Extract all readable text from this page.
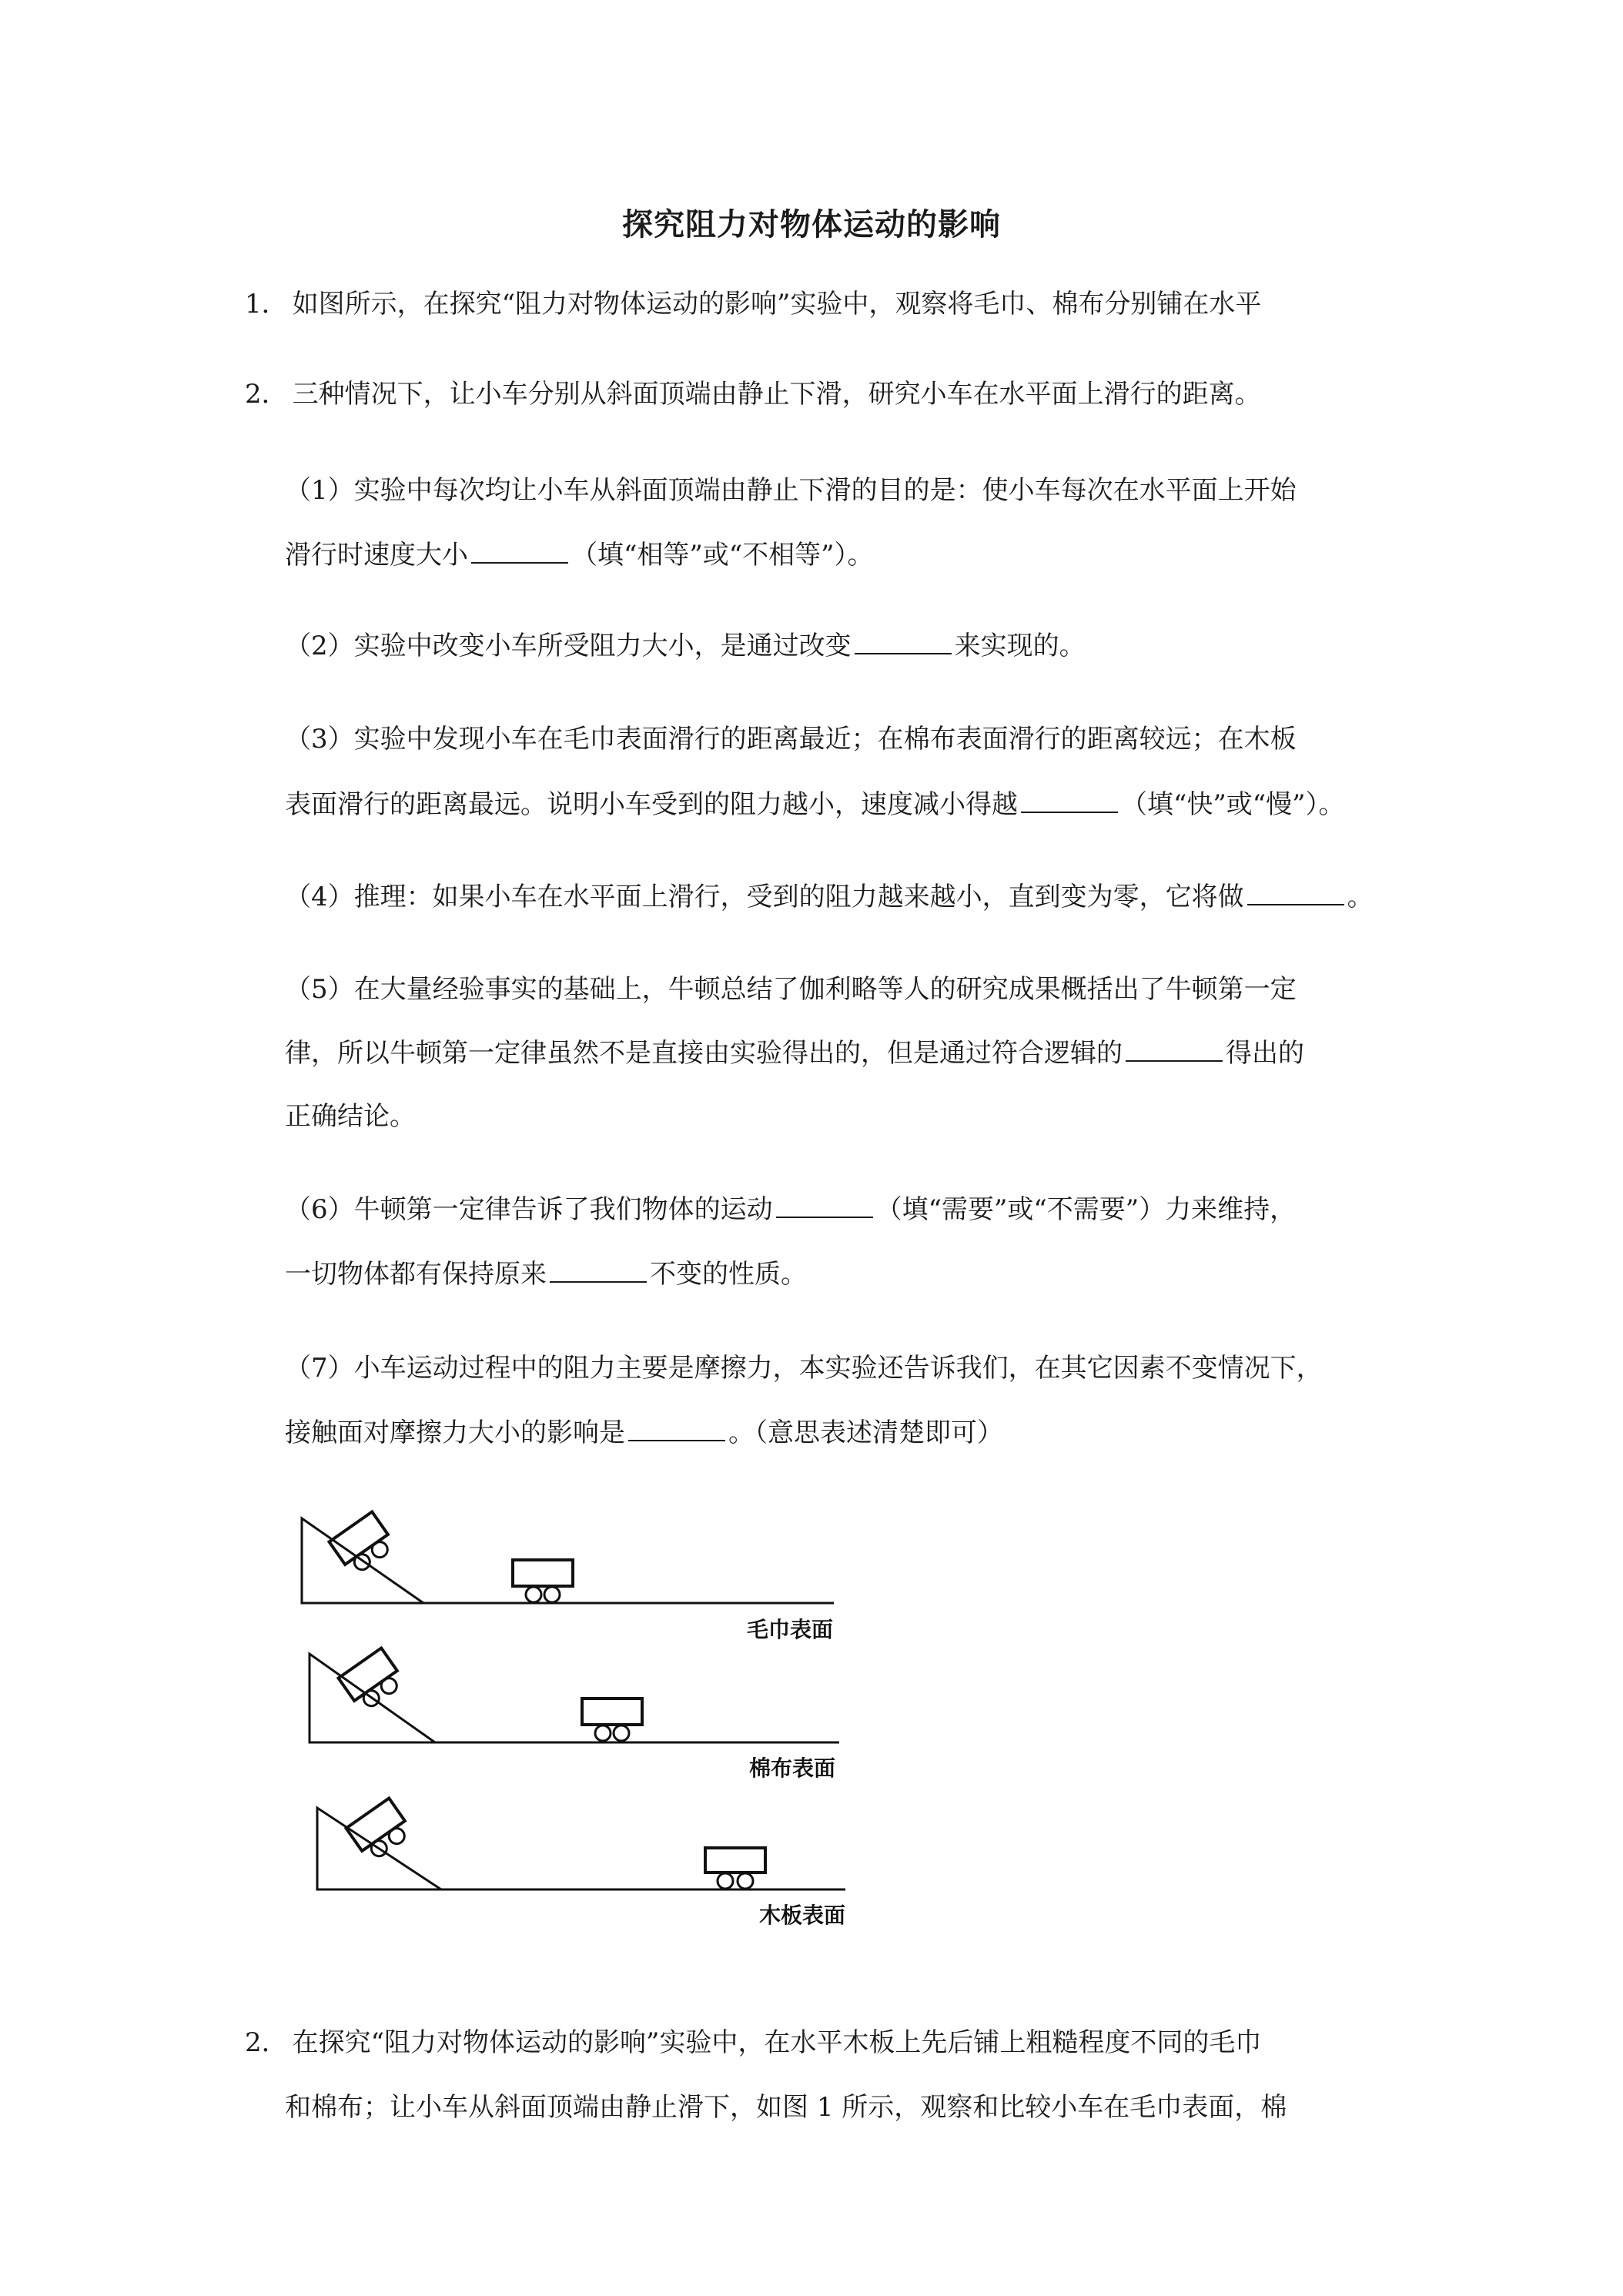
探究阻力对物体运动的影响
1． 如图所示，在探究“阻力对物体运动的影响”实验中，观察将毛巾、棉布分别铺在水平
2． 三种情况下，让小车分别从斜面顶端由静止下滑，研究小车在水平面上滑行的距离。
（1）实验中每次均让小车从斜面顶端由静止下滑的目的是：使小车每次在水平面上开始
滑行时速度大小	（填“相等”或“不相等”）。
（2）实验中改变小车所受阻力大小，是通过改变	来实现的。
（3）实验中发现小车在毛巾表面滑行的距离最近；在棉布表面滑行的距离较远；在木板
表面滑行的距离最远。说明小车受到的阻力越小，速度减小得越	（填“快”或“慢”）。
（4）推理：如果小车在水平面上滑行，受到的阻力越来越小，直到变为零，它将做	。
（5）在大量经验事实的基础上，牛顿总结了伽利略等人的研究成果概括出了牛顿第一定
律，所以牛顿第一定律虽然不是直接由实验得出的，但是通过符合逻辑的	得出的
正确结论。
（6）牛顿第一定律告诉了我们物体的运动	（填“需要”或“不需要”）力来维持，
一切物体都有保持原来	不变的性质。
（7）小车运动过程中的阻力主要是摩擦力，本实验还告诉我们，在其它因素不变情况下，
接触面对摩擦力大小的影响是	。（意思表述清楚即可）
毛巾表面
棉布表面
木板表面
2． 在探究“阻力对物体运动的影响”实验中，在水平木板上先后铺上粗糙程度不同的毛巾
和棉布；让小车从斜面顶端由静止滑下，如图 1 所示，观察和比较小车在毛巾表面，棉
